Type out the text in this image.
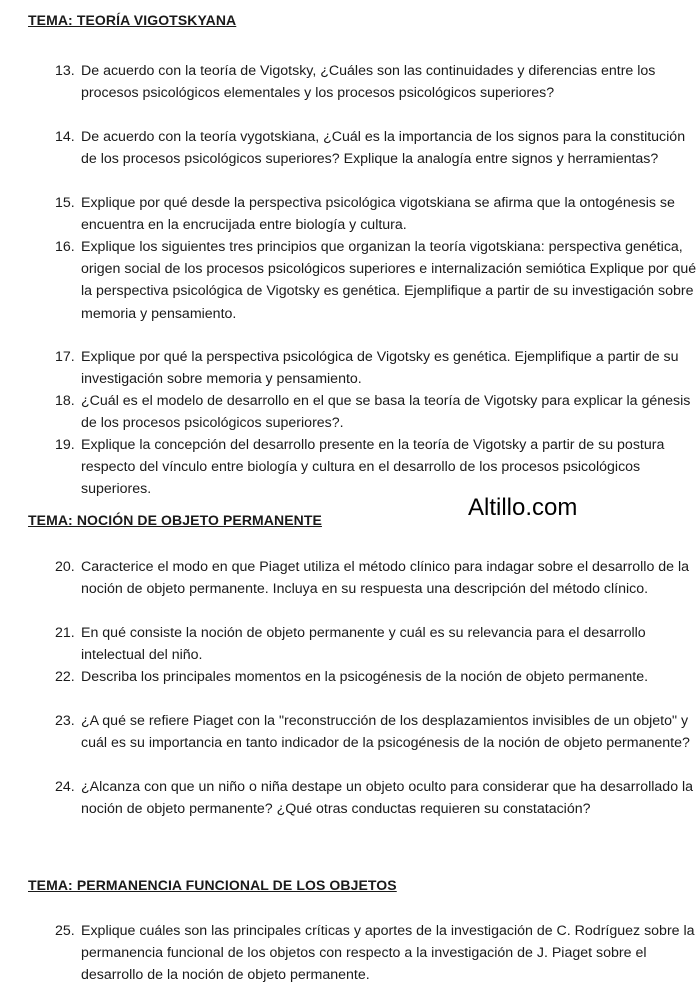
TEMA: TEORÍA VIGOTSKYANA
13. De acuerdo con la teoría de Vigotsky, ¿Cuáles son las continuidades y diferencias entre los procesos psicológicos elementales y los procesos psicológicos superiores?
14. De acuerdo con la teoría vygotskiana, ¿Cuál es la importancia de los signos para la constitución de los procesos psicológicos superiores? Explique la analogía entre signos y herramientas?
15. Explique por qué desde la perspectiva psicológica vigotskiana se afirma que la ontogénesis se encuentra en la encrucijada entre biología y cultura.
16. Explique los siguientes tres principios que organizan la teoría vigotskiana: perspectiva genética, origen social de los procesos psicológicos superiores e internalización semiótica Explique por qué la perspectiva psicológica de Vigotsky es genética. Ejemplifique a partir de su investigación sobre memoria y pensamiento.
17. Explique por qué la perspectiva psicológica de Vigotsky es genética. Ejemplifique a partir de su investigación sobre memoria y pensamiento.
18. ¿Cuál es el modelo de desarrollo en el que se basa la teoría de Vigotsky para explicar la génesis de los procesos psicológicos superiores?.
19. Explique la concepción del desarrollo presente en la teoría de Vigotsky a partir de su postura respecto del vínculo entre biología y cultura en el desarrollo de los procesos psicológicos superiores.
Altillo.com
TEMA: NOCIÓN DE OBJETO PERMANENTE
20. Caracterice el modo en que Piaget utiliza el método clínico para indagar sobre el desarrollo de la noción de objeto permanente. Incluya en su respuesta una descripción del método clínico.
21. En qué consiste la noción de objeto permanente y cuál es su relevancia para el desarrollo intelectual del niño.
22. Describa los principales momentos en la psicogénesis de la noción de objeto permanente.
23. ¿A qué se refiere Piaget con la "reconstrucción de los desplazamientos invisibles de un objeto" y cuál es su importancia en tanto indicador de la psicogénesis de la noción de objeto permanente?
24. ¿Alcanza con que un niño o niña destape un objeto oculto para considerar que ha desarrollado la noción de objeto permanente? ¿Qué otras conductas requieren su constatación?
TEMA: PERMANENCIA FUNCIONAL DE LOS OBJETOS
25. Explique cuáles son las principales críticas y aportes de la investigación de C. Rodríguez sobre la permanencia funcional de los objetos con respecto a la investigación de J. Piaget sobre el desarrollo de la noción de objeto permanente.
